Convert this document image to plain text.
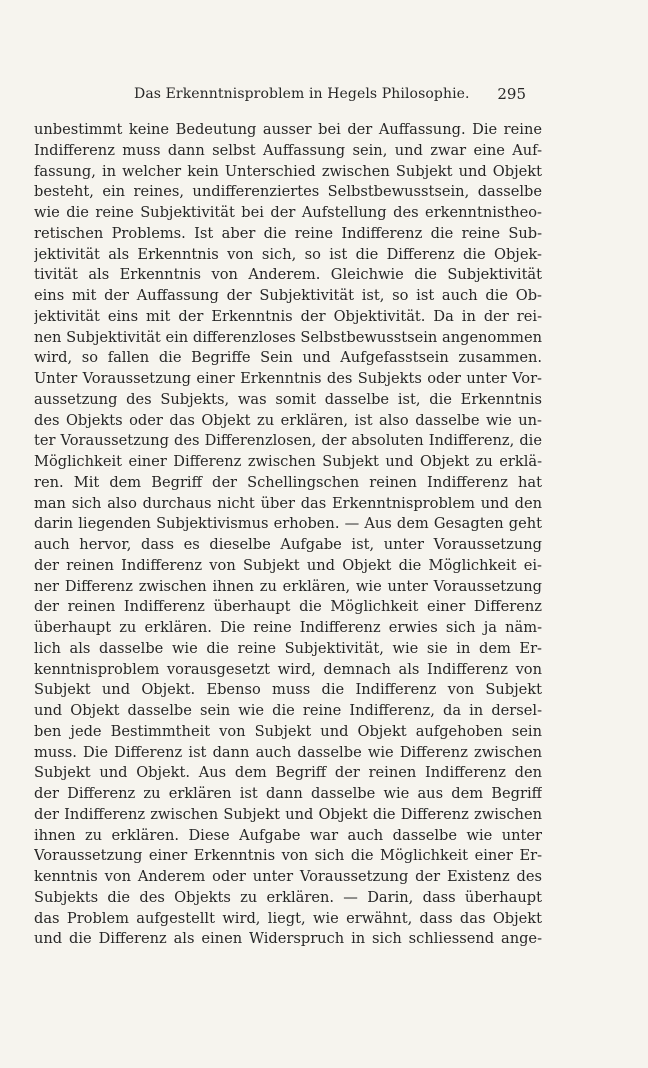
Das Erkenntnisproblem in Hegels Philosophie. 295
unbestimmt keine Bedeutung ausser bei der Auffassung. Die reine
Indifferenz muss dann selbst Auffassung sein, und zwar eine Auf-
fassung, in welcher kein Unterschied zwischen Subjekt und Objekt
besteht, ein reines, undifferenziertes Selbstbewusstsein, dasselbe
wie die reine Subjektivität bei der Aufstellung des erkenntnistheo-
retischen Problems. Ist aber die reine Indifferenz die reine Sub-
jektivität als Erkenntnis von sich, so ist die Differenz die Objek-
tivität als Erkenntnis von Anderem. Gleichwie die Subjektivität
eins mit der Auffassung der Subjektivität ist, so ist auch die Ob-
jektivität eins mit der Erkenntnis der Objektivität. Da in der rei-
nen Subjektivität ein differenzloses Selbstbewusstsein angenommen
wird, so fallen die Begriffe Sein und Aufgefasstsein zusammen.
Unter Voraussetzung einer Erkenntnis des Subjekts oder unter Vor-
aussetzung des Subjekts, was somit dasselbe ist, die Erkenntnis
des Objekts oder das Objekt zu erklären, ist also dasselbe wie un-
ter Voraussetzung des Differenzlosen, der absoluten Indifferenz, die
Möglichkeit einer Differenz zwischen Subjekt und Objekt zu erklä-
ren. Mit dem Begriff der Schellingschen reinen Indifferenz hat
man sich also durchaus nicht über das Erkenntnisproblem und den
darin liegenden Subjektivismus erhoben. — Aus dem Gesagten geht
auch hervor, dass es dieselbe Aufgabe ist, unter Voraussetzung
der reinen Indifferenz von Subjekt und Objekt die Möglichkeit ei-
ner Differenz zwischen ihnen zu erklären, wie unter Voraussetzung
der reinen Indifferenz überhaupt die Möglichkeit einer Differenz
überhaupt zu erklären. Die reine Indifferenz erwies sich ja näm-
lich als dasselbe wie die reine Subjektivität, wie sie in dem Er-
kenntnisproblem vorausgesetzt wird, demnach als Indifferenz von
Subjekt und Objekt. Ebenso muss die Indifferenz von Subjekt
und Objekt dasselbe sein wie die reine Indifferenz, da in dersel-
ben jede Bestimmtheit von Subjekt und Objekt aufgehoben sein
muss. Die Differenz ist dann auch dasselbe wie Differenz zwischen
Subjekt und Objekt. Aus dem Begriff der reinen Indifferenz den
der Differenz zu erklären ist dann dasselbe wie aus dem Begriff
der Indifferenz zwischen Subjekt und Objekt die Differenz zwischen
ihnen zu erklären. Diese Aufgabe war auch dasselbe wie unter
Voraussetzung einer Erkenntnis von sich die Möglichkeit einer Er-
kenntnis von Anderem oder unter Voraussetzung der Existenz des
Subjekts die des Objekts zu erklären. — Darin, dass überhaupt
das Problem aufgestellt wird, liegt, wie erwähnt, dass das Objekt
und die Differenz als einen Widerspruch in sich schliessend ange-
